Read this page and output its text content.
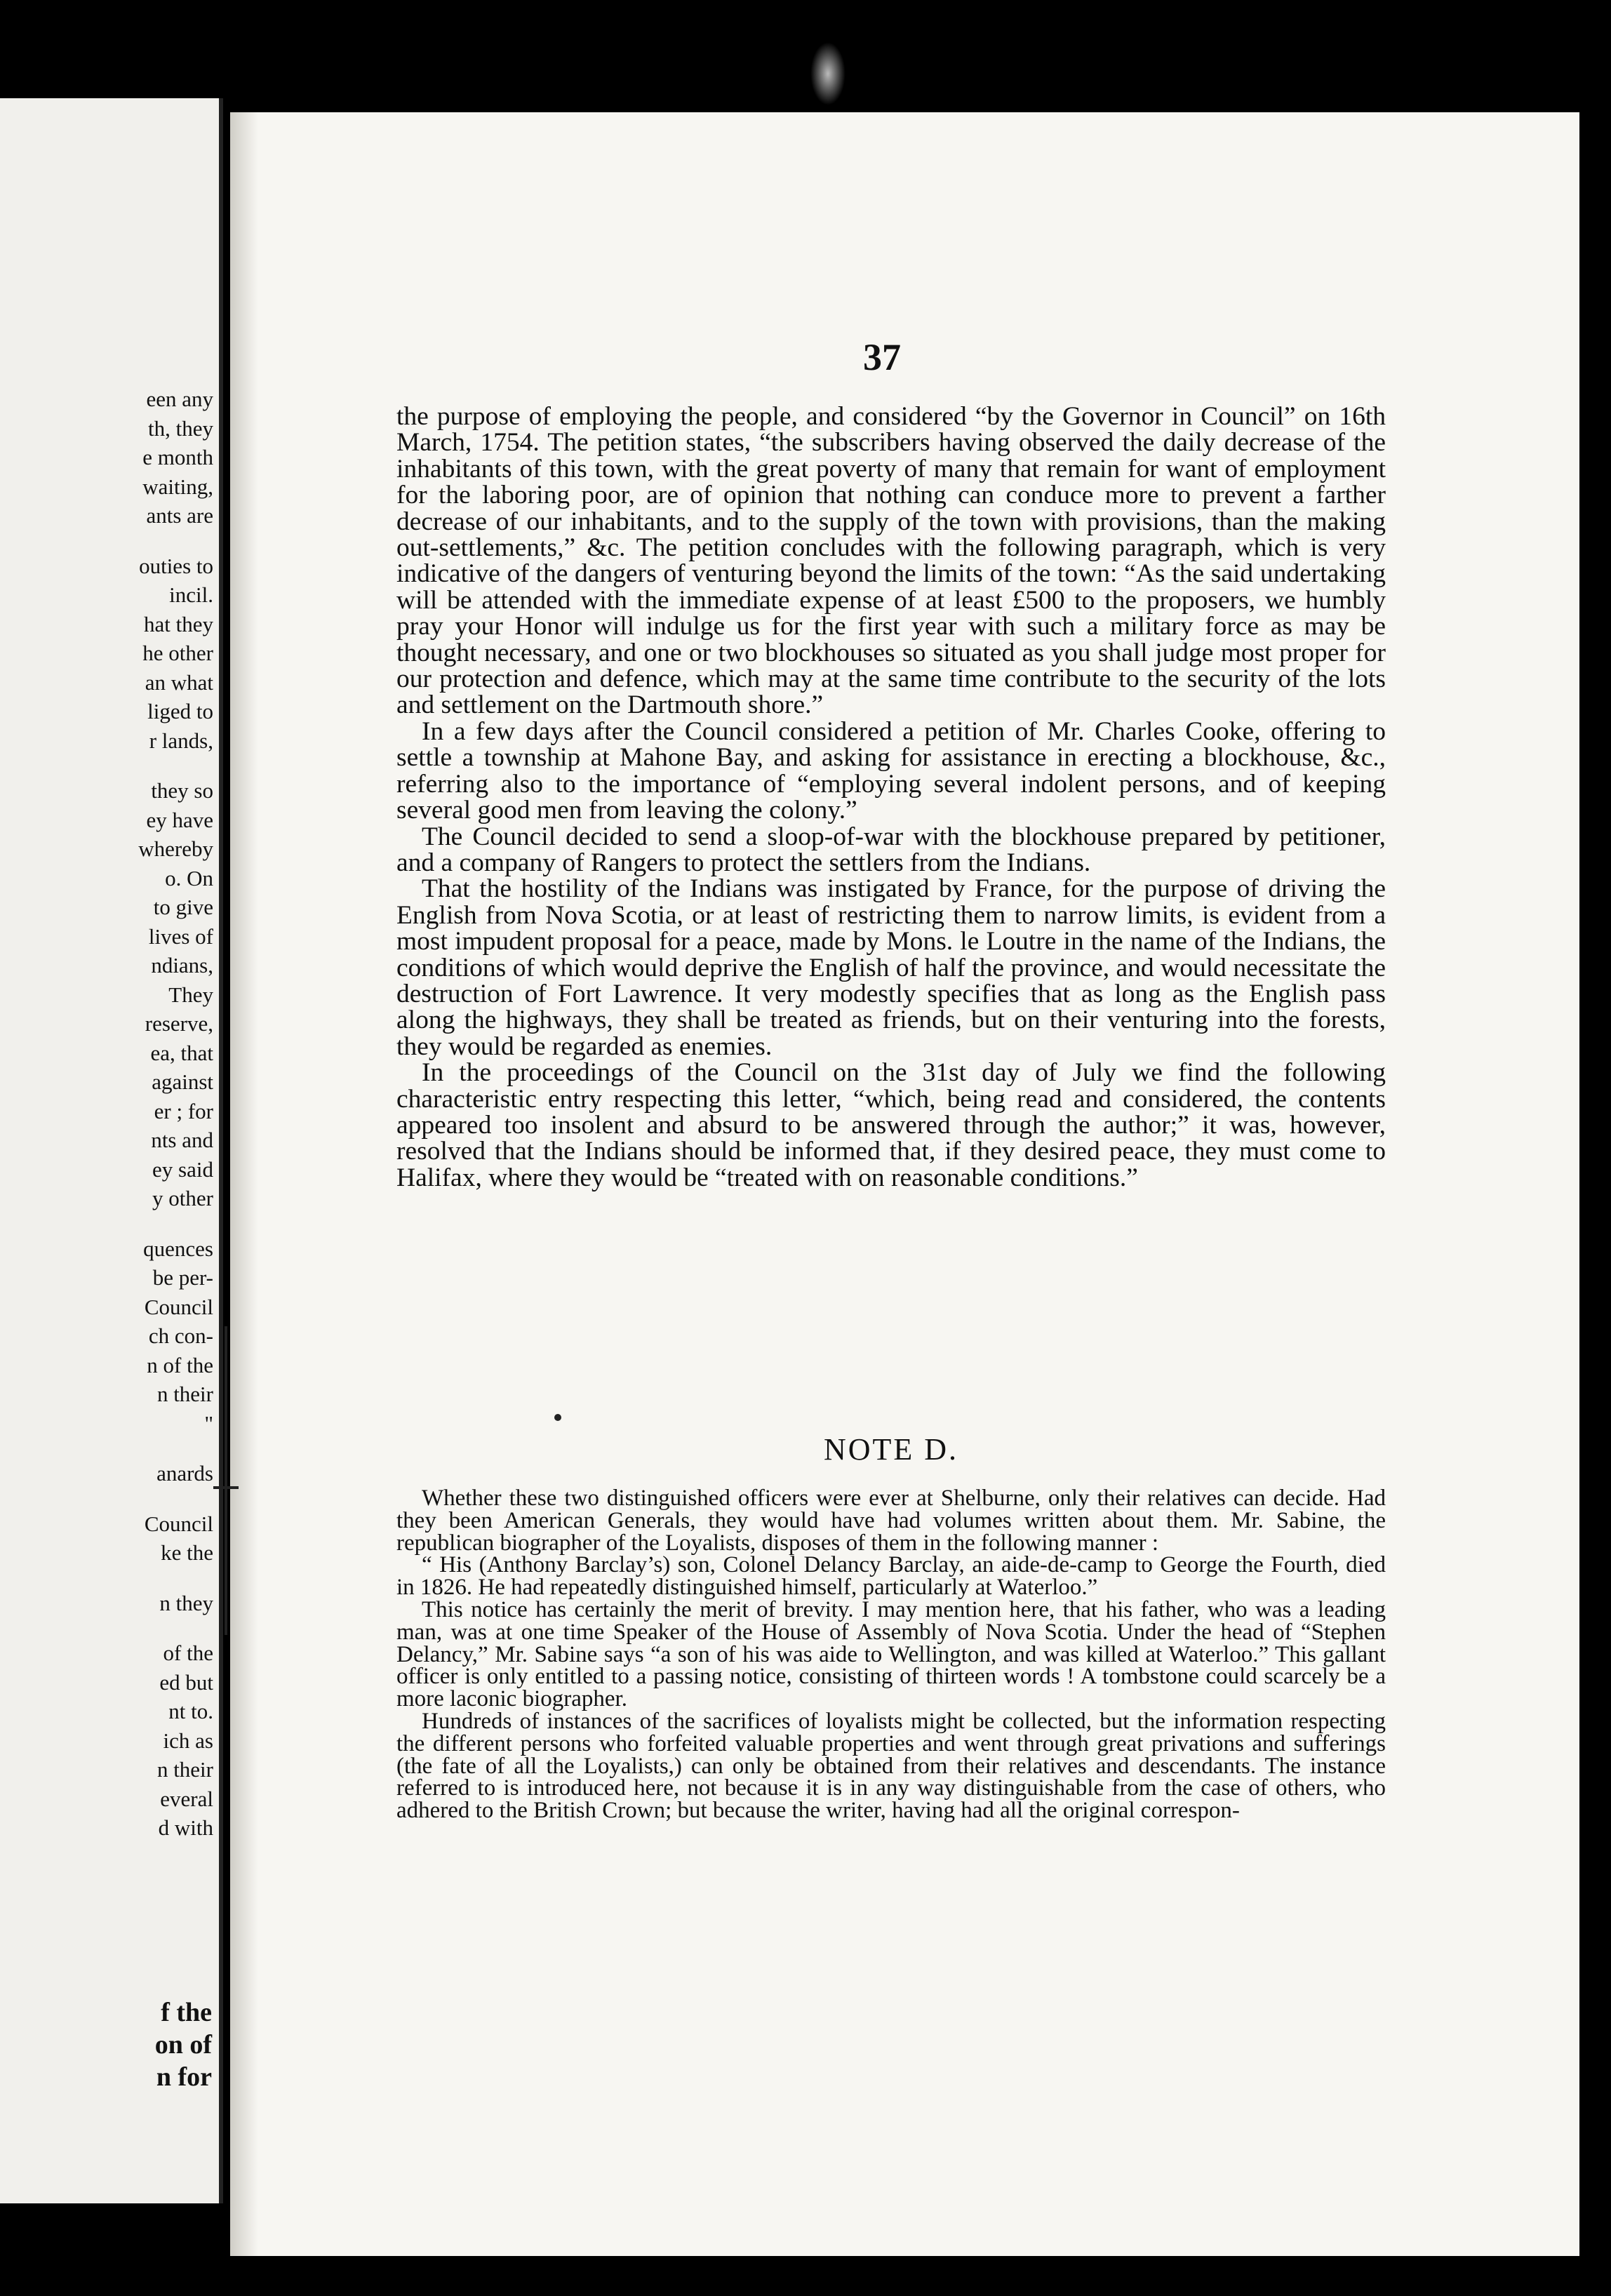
een any
th, they
e month
waiting,
ants are
outies to
incil.
hat they
he other
an what
liged to
r lands,
they so
ey have
whereby
o. On
to give
lives of
ndians,
They
reserve,
ea, that
against
er ; for
nts and
ey said
y other
quences
be per-
Council
ch con-
n of the
n their
"
anards
Council
ke the
n they
of the
ed but
nt to.
ich as
n their
everal
d with
f the
on of
n for
37

the purpose of employing the people, and considered “by the Governor in Council” on 16th March, 1754. The petition states, “the subscribers having observed the daily decrease of the inhabitants of this town, with the great poverty of many that remain for want of employment for the laboring poor, are of opinion that nothing can conduce more to prevent a farther decrease of our inhabitants, and to the supply of the town with provisions, than the making out-settlements,” &c. The petition concludes with the following paragraph, which is very indicative of the dangers of venturing beyond the limits of the town: “As the said undertaking will be attended with the immediate expense of at least £500 to the proposers, we humbly pray your Honor will indulge us for the first year with such a military force as may be thought necessary, and one or two blockhouses so situated as you shall judge most proper for our protection and defence, which may at the same time contribute to the security of the lots and settlement on the Dartmouth shore.”

In a few days after the Council considered a petition of Mr. Charles Cooke, offering to settle a township at Mahone Bay, and asking for assistance in erecting a blockhouse, &c., referring also to the importance of “employing several indolent persons, and of keeping several good men from leaving the colony.”

The Council decided to send a sloop-of-war with the blockhouse prepared by petitioner, and a company of Rangers to protect the settlers from the Indians.

That the hostility of the Indians was instigated by France, for the purpose of driving the English from Nova Scotia, or at least of restricting them to narrow limits, is evident from a most impudent proposal for a peace, made by Mons. le Loutre in the name of the Indians, the conditions of which would deprive the English of half the province, and would necessitate the destruction of Fort Lawrence. It very modestly specifies that as long as the English pass along the highways, they shall be treated as friends, but on their venturing into the forests, they would be regarded as enemies.

In the proceedings of the Council on the 31st day of July we find the following characteristic entry respecting this letter, “which, being read and considered, the contents appeared too insolent and absurd to be answered through the author;” it was, however, resolved that the Indians should be informed that, if they desired peace, they must come to Halifax, where they would be “treated with on reasonable conditions.”

NOTE D.

Whether these two distinguished officers were ever at Shelburne, only their relatives can decide. Had they been American Generals, they would have had volumes written about them. Mr. Sabine, the republican biographer of the Loyalists, disposes of them in the following manner :

“ His (Anthony Barclay’s) son, Colonel Delancy Barclay, an aide-de-camp to George the Fourth, died in 1826. He had repeatedly distinguished himself, particularly at Waterloo.”

This notice has certainly the merit of brevity. I may mention here, that his father, who was a leading man, was at one time Speaker of the House of Assembly of Nova Scotia. Under the head of “Stephen Delancy,” Mr. Sabine says “a son of his was aide to Wellington, and was killed at Waterloo.” This gallant officer is only entitled to a passing notice, consisting of thirteen words ! A tombstone could scarcely be a more laconic biographer.

Hundreds of instances of the sacrifices of loyalists might be collected, but the information respecting the different persons who forfeited valuable properties and went through great privations and sufferings (the fate of all the Loyalists,) can only be obtained from their relatives and descendants. The instance referred to is introduced here, not because it is in any way distinguishable from the case of others, who adhered to the British Crown; but because the writer, having had all the original correspon-
